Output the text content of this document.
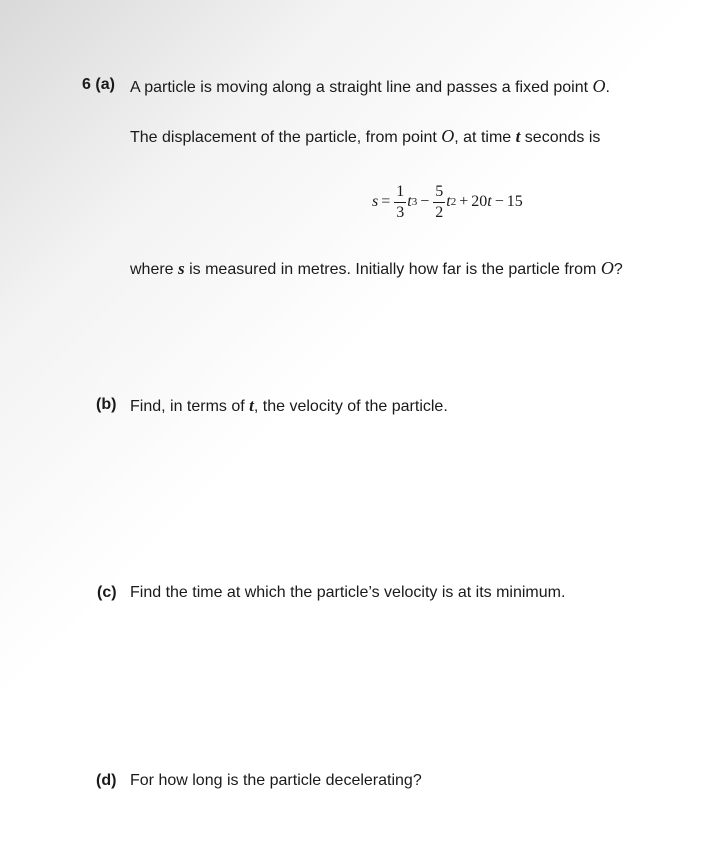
6 (a) A particle is moving along a straight line and passes a fixed point O.
The displacement of the particle, from point O, at time t seconds is
$s = \frac{1}{3}$ t $3 - \frac{5}{2}$ t 2 + 20 t − 15
where s is measured in metres. Initially how far is the particle from O?
(b) Find, in terms of t, the velocity of the particle.
(c) Find the time at which the particle’s velocity is at its minimum.
(d) For how long is the particle decelerating?
